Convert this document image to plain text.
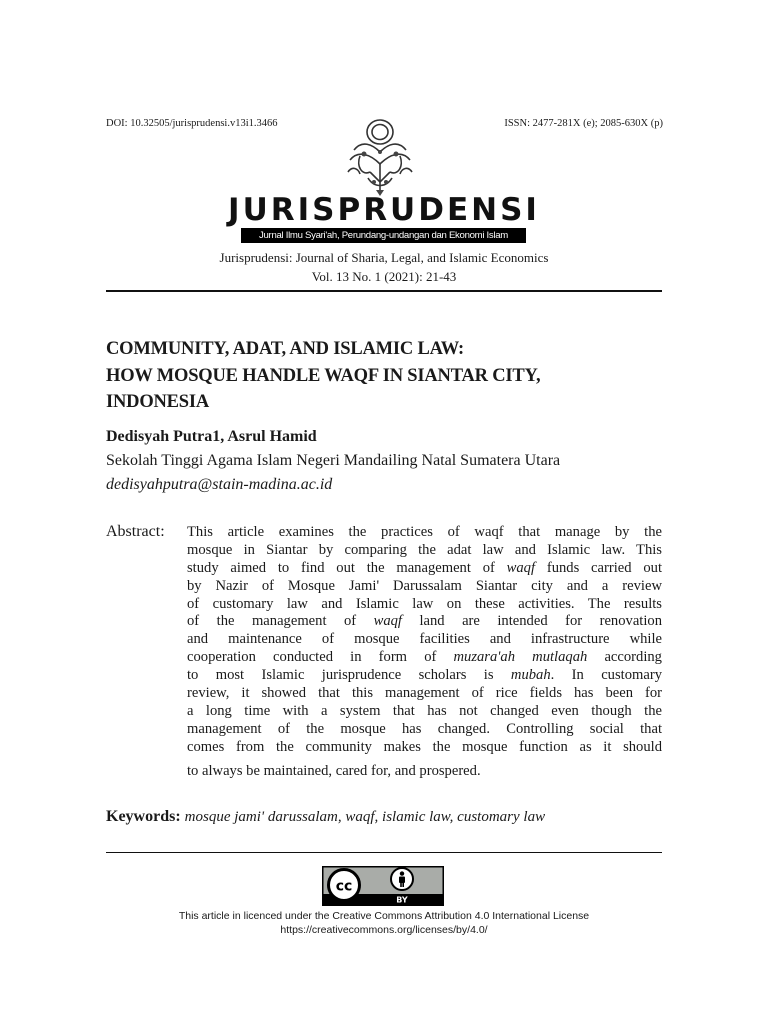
DOI: 10.32505/jurisprudensi.v13i1.3466	ISSN: 2477-281X (e); 2085-630X (p)
JURISPRUDENSI
Jurnal Ilmu Syari'ah, Perundang-undangan dan Ekonomi Islam
Jurisprudensi: Journal of Sharia, Legal, and Islamic Economics
Vol. 13 No. 1 (2021): 21-43
COMMUNITY, ADAT, AND ISLAMIC LAW:
HOW MOSQUE HANDLE WAQF IN SIANTAR CITY,
INDONESIA
Dedisyah Putra1, Asrul Hamid
Sekolah Tinggi Agama Islam Negeri Mandailing Natal Sumatera Utara
dedisyahputra@stain-madina.ac.id
Abstract: This article examines the practices of waqf that manage by the
mosque in Siantar by comparing the adat law and Islamic law. This
study aimed to find out the management of waqf funds carried out
by Nazir of Mosque Jami' Darussalam Siantar city and a review
of customary law and Islamic law on these activities. The results
of the management of waqf land are intended for renovation
and maintenance of mosque facilities and infrastructure while
cooperation conducted in form of muzara'ah mutlaqah according
to most Islamic jurisprudence scholars is mubah. In customary
review, it showed that this management of rice fields has been for
a long time with a system that has not changed even though the
management of the mosque has changed. Controlling social that
comes from the community makes the mosque function as it should
to always be maintained, cared for, and prospered.
Keywords: mosque jami' darussalam, waqf, islamic law, customary law
cc
BY
This article in licenced under the Creative Commons Attribution 4.0 International License
https://creativecommons.org/licenses/by/4.0/
